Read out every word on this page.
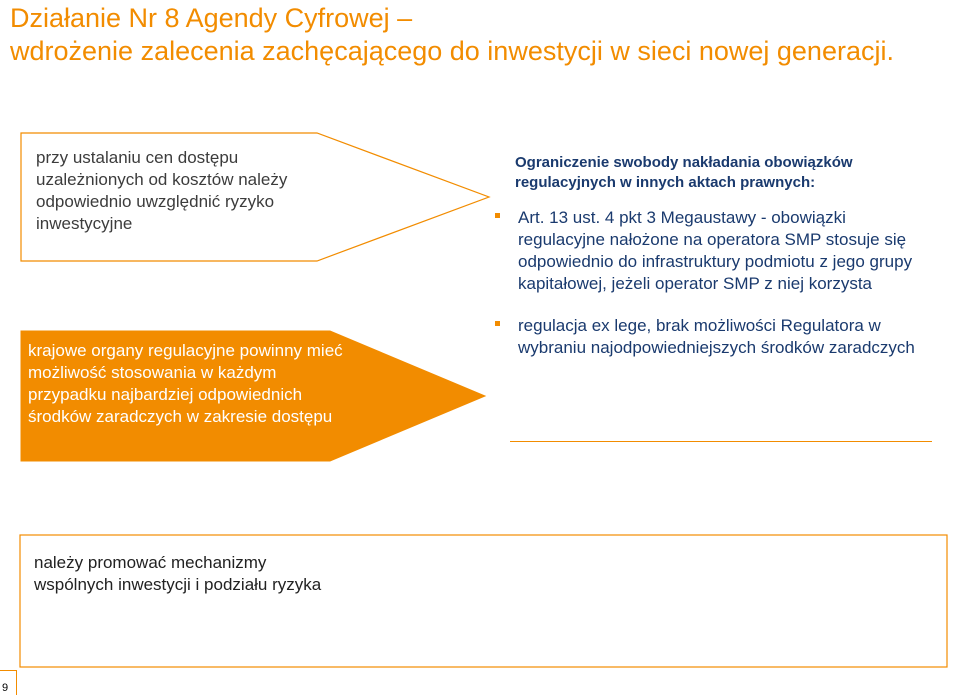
Działanie Nr 8 Agendy Cyfrowej –
wdrożenie zalecenia zachęcającego do inwestycji w sieci nowej generacji.
przy ustalaniu cen dostępu uzależnionych od kosztów należy odpowiednio uwzględnić ryzyko inwestycyjne
krajowe organy regulacyjne powinny mieć możliwość stosowania w każdym przypadku najbardziej odpowiednich środków zaradczych w zakresie dostępu
należy promować mechanizmy wspólnych inwestycji i podziału ryzyka
Ograniczenie swobody nakładania obowiązków regulacyjnych w innych aktach prawnych:
Art. 13 ust. 4 pkt 3 Megaustawy - obowiązki regulacyjne nałożone na operatora SMP stosuje się odpowiednio do infrastruktury podmiotu z jego grupy kapitałowej, jeżeli operator SMP z niej korzysta
regulacja ex lege, brak możliwości Regulatora w wybraniu najodpowiedniejszych środków zaradczych
9
